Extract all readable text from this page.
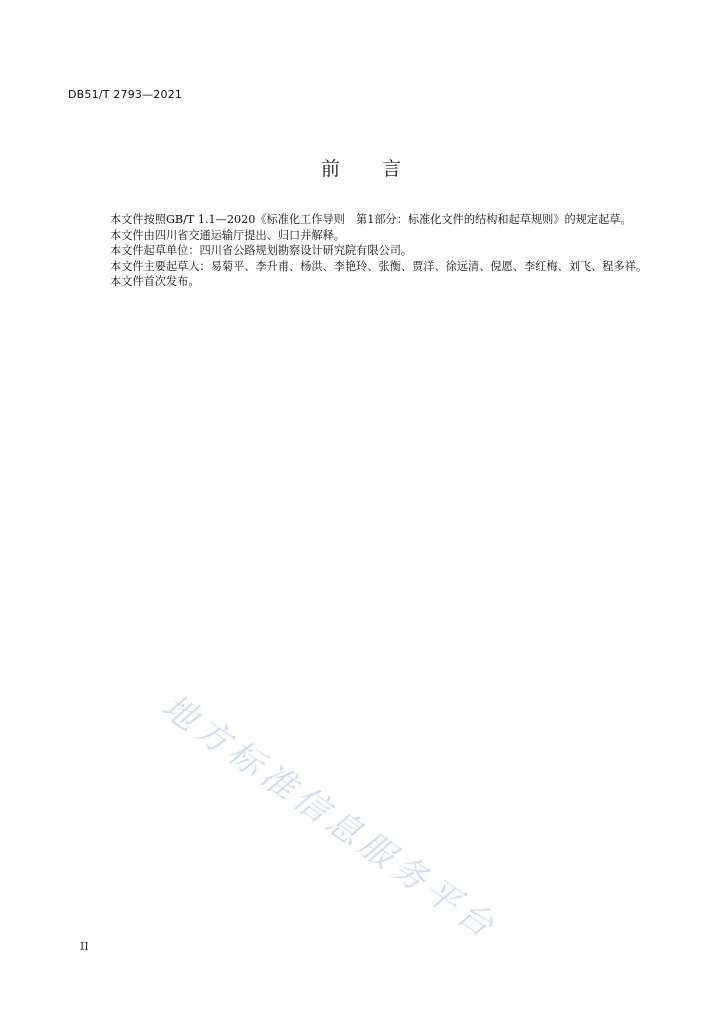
DB51/T 2793—2021
前 言

本文件按照GB/T 1.1—2020《标准化工作导则　第1部分：标准化文件的结构和起草规则》的规定起草。

本文件由四川省交通运输厅提出、归口并解释。

本文件起草单位：四川省公路规划勘察设计研究院有限公司。

本文件主要起草人：易菊平、李升甫、杨洪、李艳玲、张衡、贾洋、徐远清、倪愿、李红梅、刘飞、程多祥。

本文件首次发布。

地方标准信息服务平台
II
